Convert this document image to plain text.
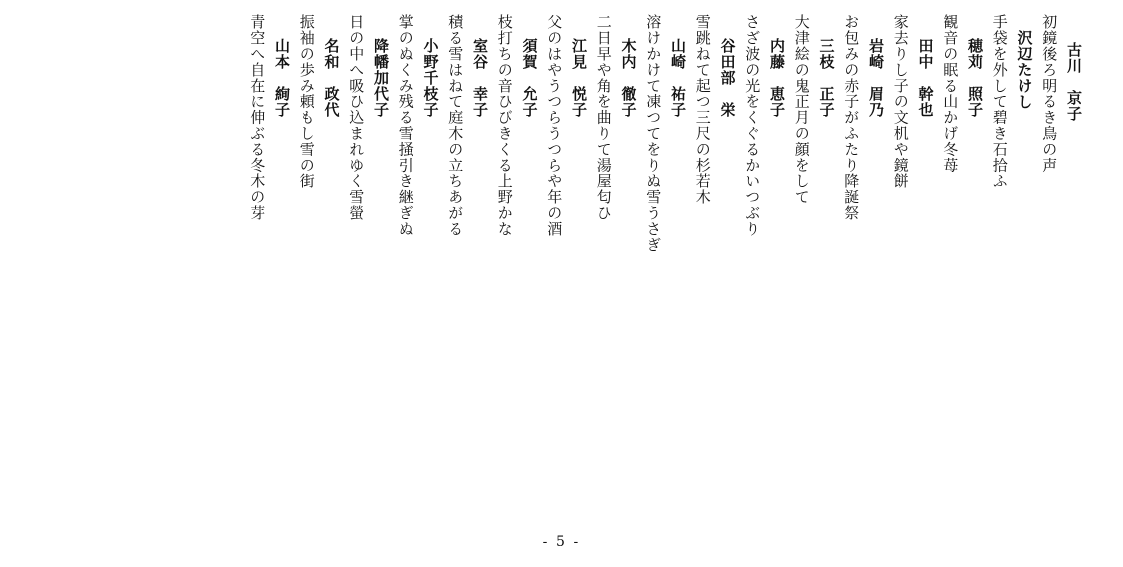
古川　京子
初鏡後ろ明るき鳥の声
沢辺たけし
手袋を外して碧き石拾ふ
穂苅　照子
観音の眠る山かげ冬苺
田中　幹也
家去りし子の文机や鏡餅
岩崎　眉乃
お包みの赤子がふたり降誕祭
三枝　正子
大津絵の鬼正月の顔をして
内藤　恵子
さざ波の光をくぐるかいつぶり
谷田部　栄
雪跳ねて起つ三尺の杉若木
山崎　祐子
溶けかけて凍つてをりぬ雪うさぎ
木内　徹子
二日早や角を曲りて湯屋匂ひ
江見　悦子
父のはやうつらうつらや年の酒
須賀　允子
枝打ちの音ひびきくる上野かな
室谷　幸子
積る雪はねて庭木の立ちあがる
小野千枝子
掌のぬくみ残る雪掻引き継ぎぬ
降幡加代子
日の中へ吸ひ込まれゆく雪螢
名和　政代
振袖の歩み頼もし雪の街
山本　絢子
青空へ自在に伸ぶる冬木の芽
- 5 -
